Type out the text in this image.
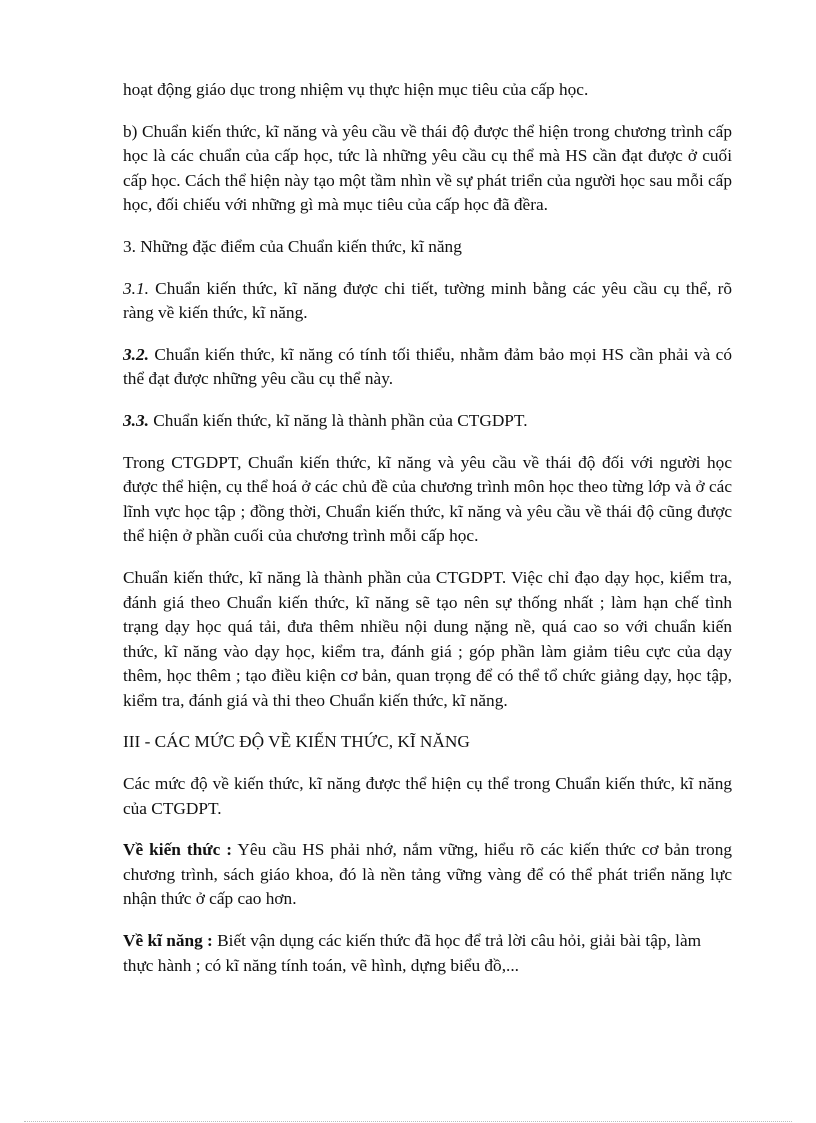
hoạt động giáo dục trong nhiệm vụ thực hiện mục tiêu của cấp học.

b) Chuẩn kiến thức, kĩ năng và yêu cầu về thái độ được thể hiện trong chương trình cấp học là các chuẩn của cấp học, tức là những yêu cầu cụ thể mà HS cần đạt được ở cuối cấp học. Cách thể hiện này tạo một tầm nhìn về sự phát triển của người học sau mỗi cấp học, đối chiếu với những gì mà mục tiêu của cấp học đã đềra.

3. Những đặc điểm của Chuẩn kiến thức, kĩ năng

3.1. Chuẩn kiến thức, kĩ năng được chi tiết, tường minh bằng các yêu cầu cụ thể, rõ ràng về kiến thức, kĩ năng.

3.2. Chuẩn kiến thức, kĩ năng có tính tối thiểu, nhằm đảm bảo mọi HS cần phải và có thể đạt được những yêu cầu cụ thể này.

3.3. Chuẩn kiến thức, kĩ năng là thành phần của CTGDPT.

Trong CTGDPT, Chuẩn kiến thức, kĩ năng và yêu cầu về thái độ đối với người học được thể hiện, cụ thể hoá ở các chủ đề của chương trình môn học theo từng lớp và ở các lĩnh vực học tập ; đồng thời, Chuẩn kiến thức, kĩ năng và yêu cầu về thái độ cũng được thể hiện ở phần cuối của chương trình mỗi cấp học.

Chuẩn kiến thức, kĩ năng là thành phần của CTGDPT. Việc chỉ đạo dạy học, kiểm tra, đánh giá theo Chuẩn kiến thức, kĩ năng sẽ tạo nên sự thống nhất ; làm hạn chế tình trạng dạy học quá tải, đưa thêm nhiều nội dung nặng nề, quá cao so với chuẩn kiến thức, kĩ năng vào dạy học, kiểm tra, đánh giá ; góp phần làm giảm tiêu cực của dạy thêm, học thêm ; tạo điều kiện cơ bản, quan trọng để có thể tổ chức giảng dạy, học tập, kiểm tra, đánh giá và thi theo Chuẩn kiến thức, kĩ năng.

III - CÁC MỨC ĐỘ VỀ KIẾN THỨC, KĨ NĂNG

Các mức độ về kiến thức, kĩ năng được thể hiện cụ thể trong Chuẩn kiến thức, kĩ năng của CTGDPT.

Về kiến thức : Yêu cầu HS phải nhớ, nắm vững, hiểu rõ các kiến thức cơ bản trong chương trình, sách giáo khoa, đó là nền tảng vững vàng để có thể phát triển năng lực nhận thức ở cấp cao hơn.

Về kĩ năng : Biết vận dụng các kiến thức đã học để trả lời câu hỏi, giải bài tập, làm thực hành ; có kĩ năng tính toán, vẽ hình, dựng biểu đồ,...
